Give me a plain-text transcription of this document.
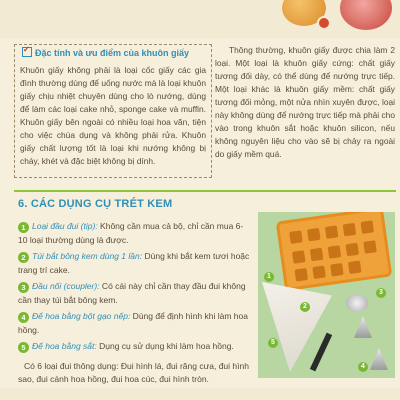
✓Đặc tính và ưu điểm của khuôn giấy
Khuôn giấy không phải là loại cốc giấy các gia đình thường dùng để uống nước mà là loại khuôn giấy chịu nhiệt chuyên dùng cho lò nướng, dùng để làm các loại cake nhỏ, sponge cake và muffin. Khuôn giấy bên ngoài có nhiều loại hoa văn, tiện cho việc chùa dụng và không phải rửa. Khuôn giấy chất lượng tốt là loại khi nướng không bị cháy, khét và đặc biệt không bị dính.
Thông thường, khuôn giấy được chia làm 2 loại. Một loại là khuôn giấy cứng: chất giấy tương đối dày, có thể dùng để nướng trực tiếp. Một loại khác là khuôn giấy mềm: chất giấy tương đối mỏng, một nửa nhìn xuyên được, loại này không dùng để nướng trực tiếp mà phải cho vào trong khuôn sắt hoặc khuôn silicon, nếu không nguyên liệu cho vào sẽ bị chảy ra ngoài do giấy mềm quá.
6. CÁC DỤNG CỤ TRÉT KEM
1 Loại đầu đui (tip): Không cần mua cả bộ, chỉ cần mua 6-10 loại thường dùng là được.
2 Túi bắt bông kem dùng 1 lần: Dùng khi bắt kem tươi hoặc trang trí cake.
3 Đầu nối (coupler): Có cái này chỉ cần thay đầu đui không cần thay túi bắt bông kem.
4 Đế hoa bằng bột gạo nếp: Dùng để định hình khi làm hoa hồng.
5 Đế hoa bằng sắt: Dụng cụ sử dụng khi làm hoa hồng.
Có 6 loại đui thông dụng: Đui hình lá, đui răng cưa, đui hình sao, đui cánh hoa hồng, đui hoa cúc, đui hình tròn.
1
2
3
5
4
